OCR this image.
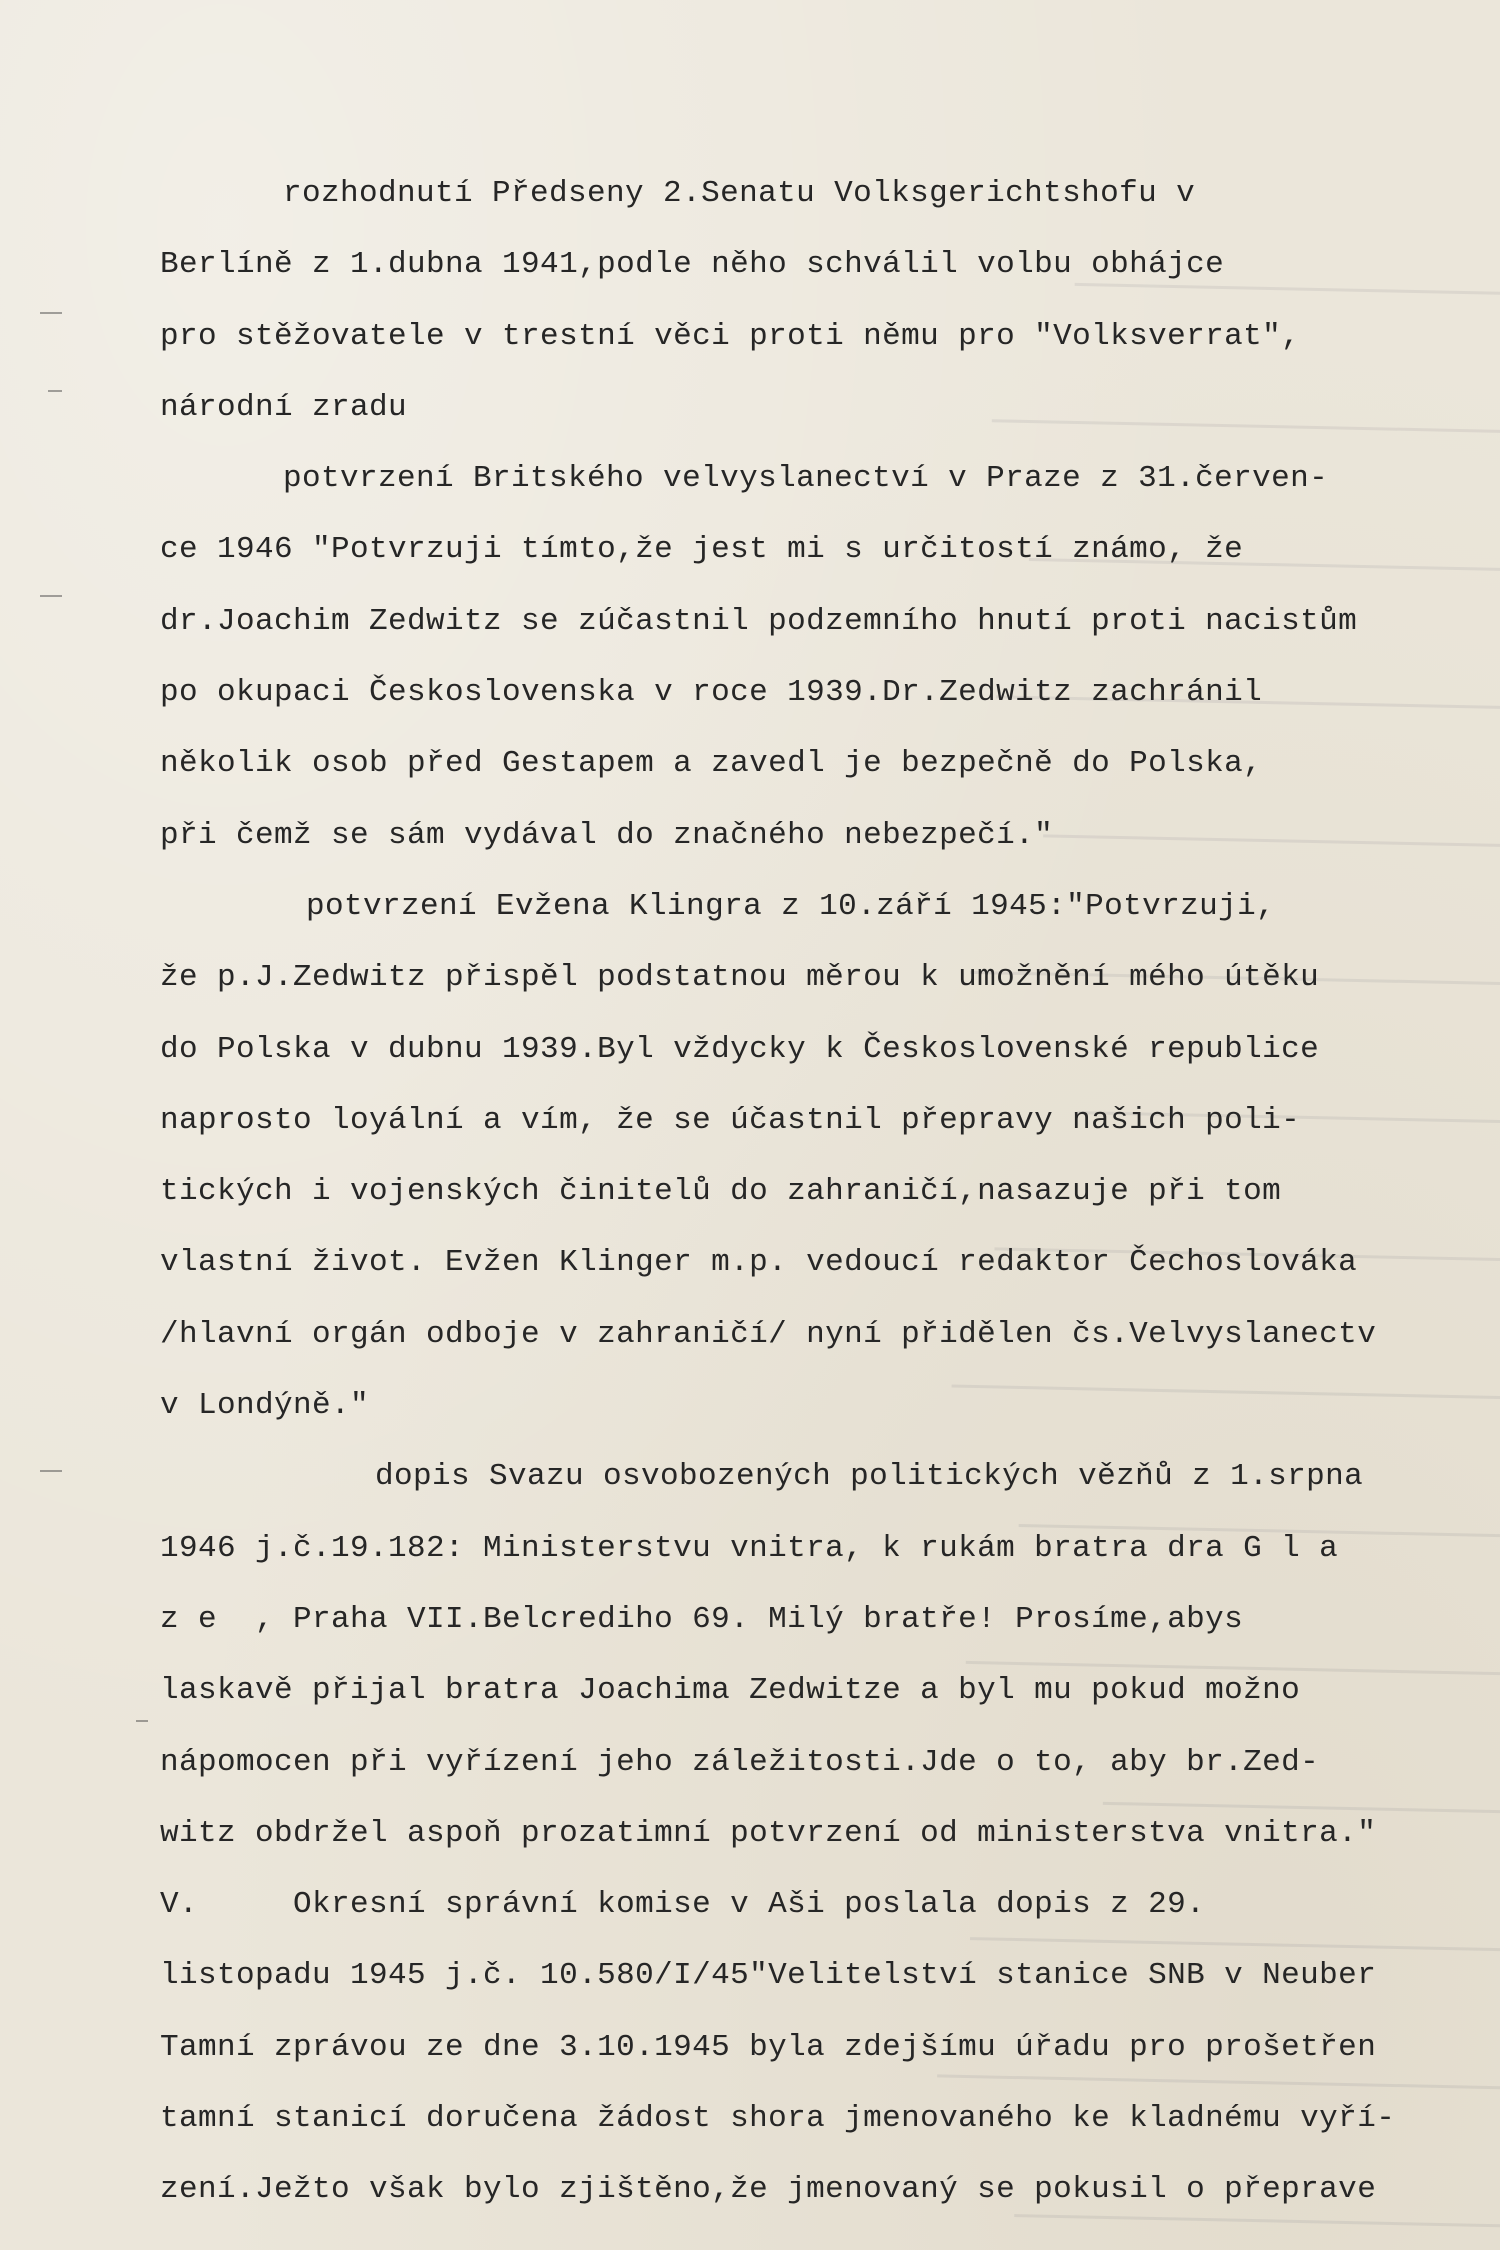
rozhodnutí Předseny 2.Senatu Volksgerichtshofu v
Berlíně z 1.dubna 1941,podle něho schválil volbu obhájce
pro stěžovatele v trestní věci proti němu pro "Volksverrat",
národní zradu
potvrzení Britského velvyslanectví v Praze z 31.červen-
ce 1946 "Potvrzuji tímto,že jest mi s určitostí známo, že
dr.Joachim Zedwitz se zúčastnil podzemního hnutí proti nacistům
po okupaci Československa v roce 1939.Dr.Zedwitz zachránil
několik osob před Gestapem a zavedl je bezpečně do Polska,
při čemž se sám vydával do značného nebezpečí."
potvrzení Evžena Klingra z 10.září 1945:"Potvrzuji,
že p.J.Zedwitz přispěl podstatnou měrou k umožnění mého útěku
do Polska v dubnu 1939.Byl vždycky k Československé republice
naprosto loyální a vím, že se účastnil přepravy našich poli-
tických i vojenských činitelů do zahraničí,nasazuje při tom
vlastní život. Evžen Klinger m.p. vedoucí redaktor Čechoslováka
/hlavní orgán odboje v zahraničí/ nyní přidělen čs.Velvyslanectv
v Londýně."
dopis Svazu osvobozených politických vězňů z 1.srpna
1946 j.č.19.182: Ministerstvu vnitra, k rukám bratra dra G l a
z e  , Praha VII.Belcrediho 69. Milý bratře! Prosíme,abys
laskavě přijal bratra Joachima Zedwitze a byl mu pokud možno
nápomocen při vyřízení jeho záležitosti.Jde o to, aby br.Zed-
witz obdržel aspoň prozatimní potvrzení od ministerstva vnitra."
V.     Okresní správní komise v Aši poslala dopis z 29.
listopadu 1945 j.č. 10.580/I/45"Velitelství stanice SNB v Neuber
Tamní zprávou ze dne 3.10.1945 byla zdejšímu úřadu pro prošetřen
tamní stanicí doručena žádost shora jmenovaného ke kladnému vyří-
zení.Ježto však bylo zjištěno,že jmenovaný se pokusil o přeprave
